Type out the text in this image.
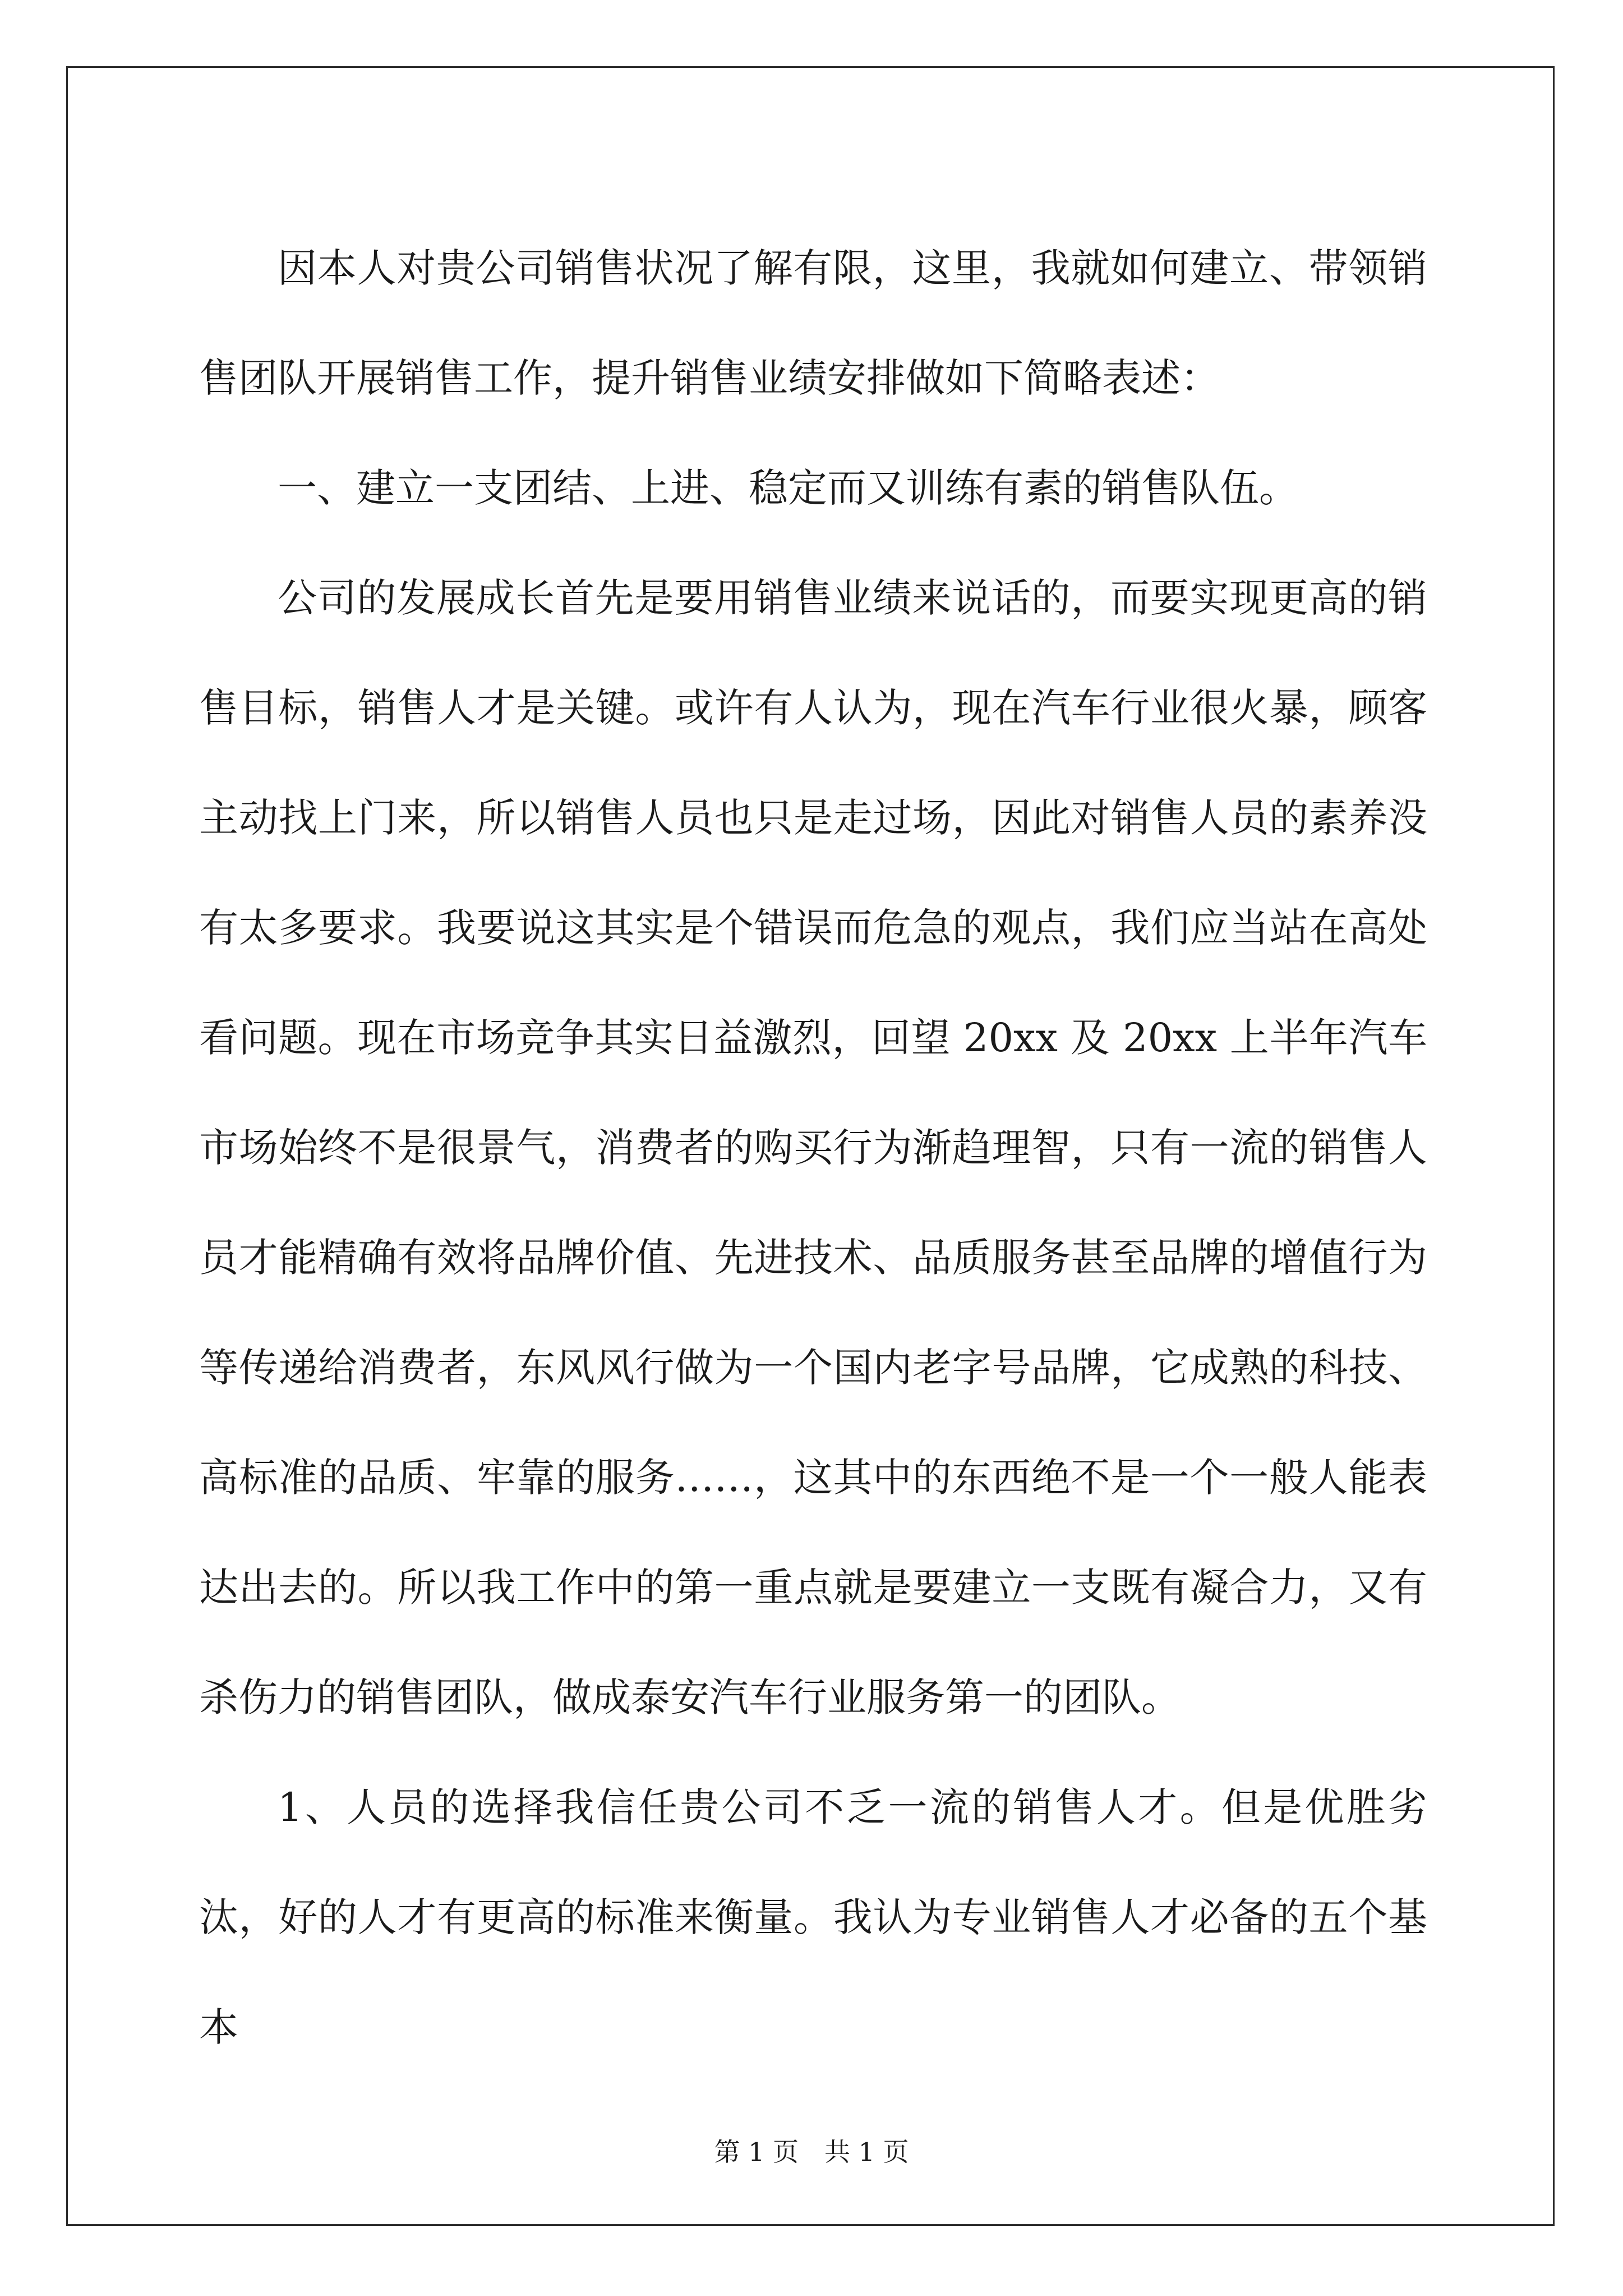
因本人对贵公司销售状况了解有限，这里，我就如何建立、带领销售团队开展销售工作，提升销售业绩安排做如下简略表述：

一、建立一支团结、上进、稳定而又训练有素的销售队伍。

公司的发展成长首先是要用销售业绩来说话的，而要实现更高的销售目标，销售人才是关键。或许有人认为，现在汽车行业很火暴，顾客主动找上门来，所以销售人员也只是走过场，因此对销售人员的素养没有太多要求。我要说这其实是个错误而危急的观点，我们应当站在高处看问题。现在市场竞争其实日益激烈，回望 20xx 及 20xx 上半年汽车市场始终不是很景气，消费者的购买行为渐趋理智，只有一流的销售人员才能精确有效将品牌价值、先进技术、品质服务甚至品牌的增值行为等传递给消费者，东风风行做为一个国内老字号品牌，它成熟的科技、高标准的品质、牢靠的服务……，这其中的东西绝不是一个一般人能表达出去的。所以我工作中的第一重点就是要建立一支既有凝合力，又有杀伤力的销售团队，做成泰安汽车行业服务第一的团队。

1、人员的选择我信任贵公司不乏一流的销售人才。但是优胜劣汰，好的人才有更高的标准来衡量。我认为专业销售人才必备的五个基本

第 1 页　共 1 页
